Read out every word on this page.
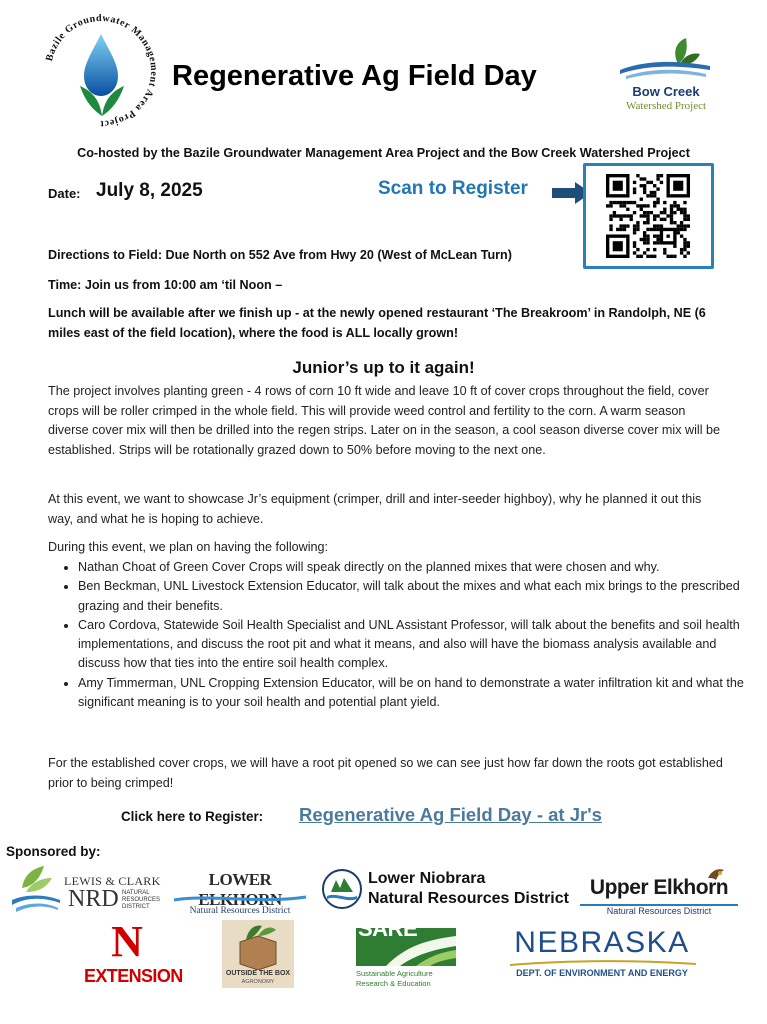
Bazile Groundwater Management Area Project
Regenerative Ag Field Day	Bow Creek
Watershed Project
Co-hosted by the Bazile Groundwater Management Area Project and the Bow Creek Watershed Project
Date: July 8, 2025	Scan to Register
Directions to Field: Due North on 552 Ave from Hwy 20 (West of McLean Turn)
Time: Join us from 10:00 am ‘til Noon –
Lunch will be available after we finish up - at the newly opened restaurant ‘The Breakroom’ in Randolph, NE (6 miles east of the field location), where the food is ALL locally grown!
Junior’s up to it again!
The project involves planting green - 4 rows of corn 10 ft wide and leave 10 ft of cover crops throughout the field, cover crops will be roller crimped in the whole field. This will provide weed control and fertility to the corn. A warm season diverse cover mix will then be drilled into the regen strips. Later on in the season, a cool season diverse cover mix will be established. Strips will be rotationally grazed down to 50% before moving to the next one.
At this event, we want to showcase Jr’s equipment (crimper, drill and inter-seeder highboy), why he planned it out this way, and what he is hoping to achieve.
During this event, we plan on having the following:
• Nathan Choat of Green Cover Crops will speak directly on the planned mixes that were chosen and why.
• Ben Beckman, UNL Livestock Extension Educator, will talk about the mixes and what each mix brings to the prescribed grazing and their benefits.
• Caro Cordova, Statewide Soil Health Specialist and UNL Assistant Professor, will talk about the benefits and soil health implementations, and discuss the root pit and what it means, and also will have the biomass analysis available and discuss how that ties into the entire soil health complex.
• Amy Timmerman, UNL Cropping Extension Educator, will be on hand to demonstrate a water infiltration kit and what the significant meaning is to your soil health and potential plant yield.
For the established cover crops, we will have a root pit opened so we can see just how far down the roots got established prior to being crimped!
Click here to Register: Regenerative Ag Field Day - at Jr's
Sponsored by:
LEWIS & CLARK
NRD NATURAL
RESOURCES
DISTRICT
LOWER ELKHORN
Natural Resources District
Lower Niobrara
Natural Resources District Upper Elkhorn
Natural Resources District
N
EXTENSION	OUTSIDE THE BOX
AGRONOMY
SARE
Sustainable Agriculture
Research & Education
NEBRASKA
DEPT. OF ENVIRONMENT AND ENERGY
